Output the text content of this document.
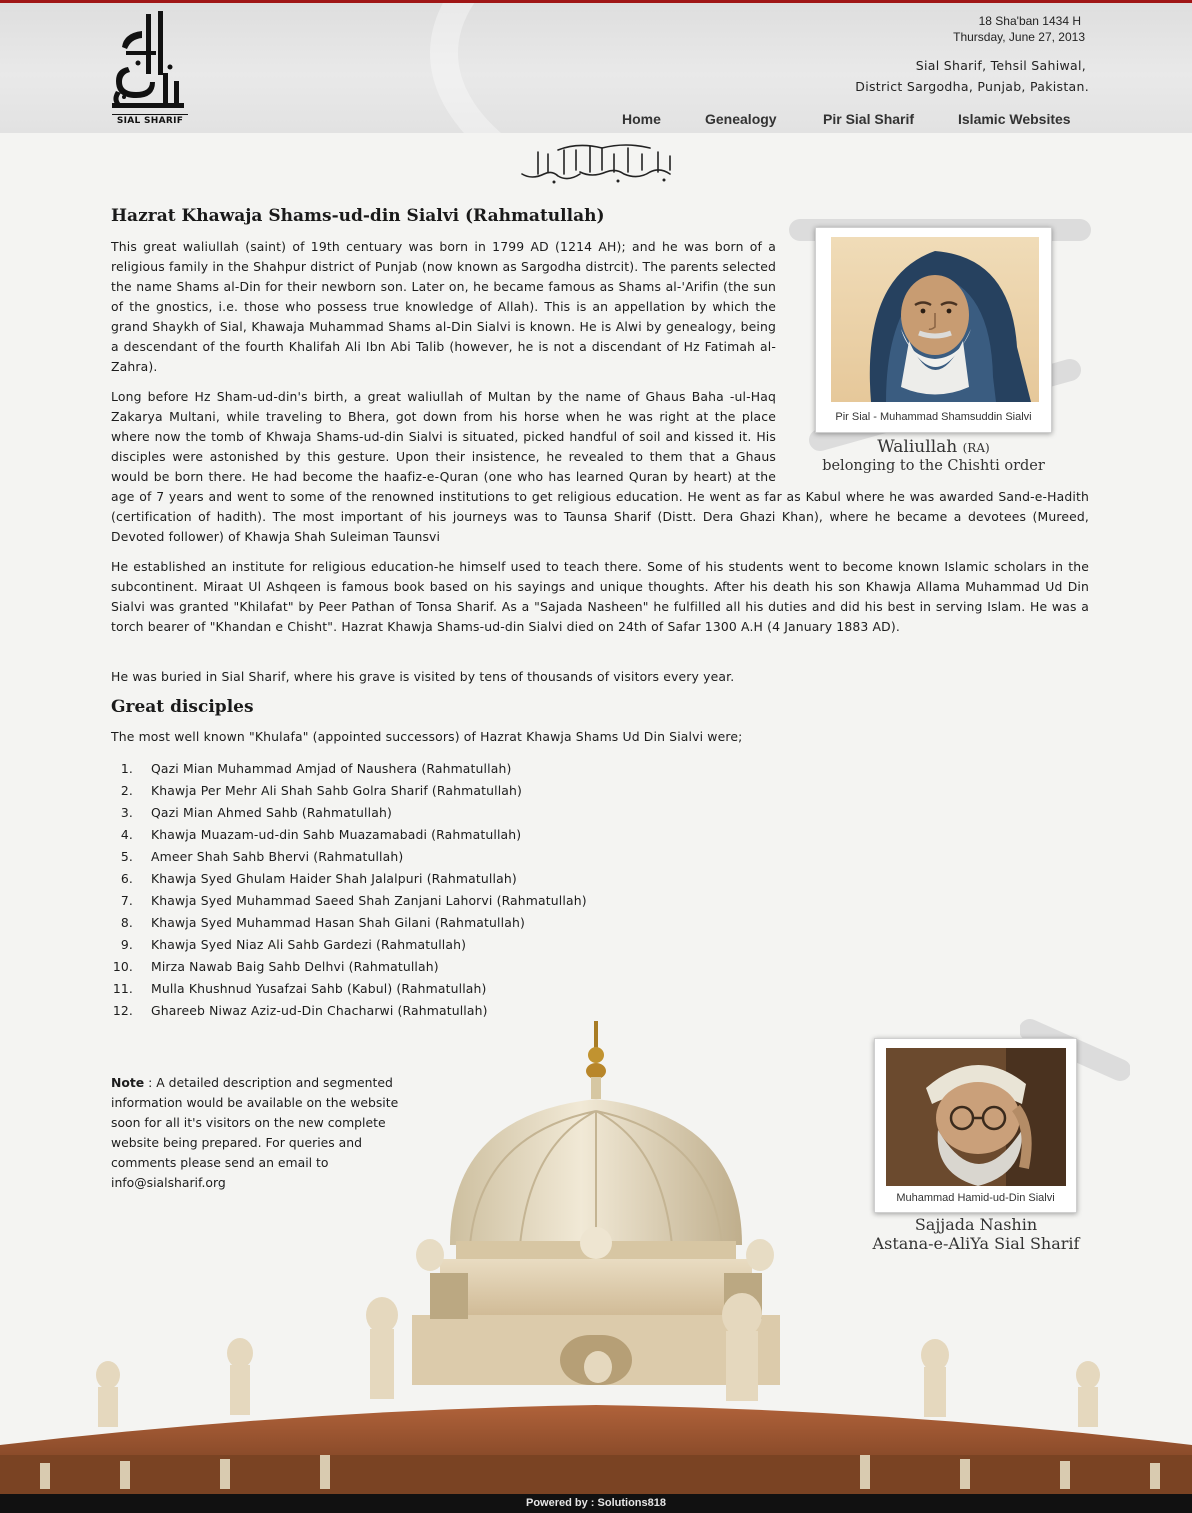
SIAL SHARIF
18 Sha'ban 1434 H
Thursday, June 27, 2013
Sial Sharif, Tehsil Sahiwal,
District Sargodha, Punjab, Pakistan.
Home	Genealogy	Pir Sial Sharif	Islamic Websites
Hazrat Khawaja Shams-ud-din Sialvi (Rahmatullah)

This great waliullah (saint) of 19th centuary was born in 1799 AD (1214 AH); and he was born of a religious family in the Shahpur district of Punjab (now known as Sargodha distrcit). The parents selected the name Shams al-Din for their newborn son. Later on, he became famous as Shams al-'Arifin (the sun of the gnostics, i.e. those who possess true knowledge of Allah). This is an appellation by which the grand Shaykh of Sial, Khawaja Muhammad Shams al-Din Sialvi is known. He is Alwi by genealogy, being a descendant of the fourth Khalifah Ali Ibn Abi Talib (however, he is not a discendant of Hz Fatimah al-Zahra).

Long before Hz Sham-ud-din's birth, a great waliullah of Multan by the name of Ghaus Baha -ul-Haq Zakarya Multani, while traveling to Bhera, got down from his horse when he was right at the place where now the tomb of Khwaja Shams-ud-din Sialvi is situated, picked handful of soil and kissed it. His disciples were astonished by this gesture. Upon their insistence, he revealed to them that a Ghaus would be born there. He had become the haafiz-e-Quran (one who has learned Quran by heart) at the age of 7 years and went to some of the renowned institutions to get religious education. He went as far as Kabul where he was awarded Sand-e-Hadith (certification of hadith). The most important of his journeys was to Taunsa Sharif (Distt. Dera Ghazi Khan), where he became a devotees (Mureed, Devoted follower) of Khawja Shah Suleiman Taunsvi

He established an institute for religious education-he himself used to teach there. Some of his students went to become known Islamic scholars in the subcontinent. Miraat Ul Ashqeen is famous book based on his sayings and unique thoughts. After his death his son Khawja Allama Muhammad Ud Din Sialvi was granted "Khilafat" by Peer Pathan of Tonsa Sharif. As a "Sajada Nasheen" he fulfilled all his duties and did his best in serving Islam. He was a torch bearer of "Khandan e Chisht". Hazrat Khawja Shams-ud-din Sialvi died on 24th of Safar 1300 A.H (4 January 1883 AD).

He was buried in Sial Sharif, where his grave is visited by tens of thousands of visitors every year.

Pir Sial - Muhammad Shamsuddin Sialvi
Waliullah (RA)
belonging to the Chishti order
Great disciples

The most well known "Khulafa" (appointed successors) of Hazrat Khawja Shams Ud Din Sialvi were;

1. Qazi Mian Muhammad Amjad of Naushera (Rahmatullah)
2. Khawja Per Mehr Ali Shah Sahb Golra Sharif (Rahmatullah)
3. Qazi Mian Ahmed Sahb (Rahmatullah)
4. Khawja Muazam-ud-din Sahb Muazamabadi (Rahmatullah)
5. Ameer Shah Sahb Bhervi (Rahmatullah)
6. Khawja Syed Ghulam Haider Shah Jalalpuri (Rahmatullah)
7. Khawja Syed Muhammad Saeed Shah Zanjani Lahorvi (Rahmatullah)
8. Khawja Syed Muhammad Hasan Shah Gilani (Rahmatullah)
9. Khawja Syed Niaz Ali Sahb Gardezi (Rahmatullah)
10. Mirza Nawab Baig Sahb Delhvi (Rahmatullah)
11. Mulla Khushnud Yusafzai Sahb (Kabul) (Rahmatullah)
12. Ghareeb Niwaz Aziz-ud-Din Chacharwi (Rahmatullah)
Note : A detailed description and segmented information would be available on the website soon for all it's visitors on the new complete website being prepared. For queries and comments please send an email to info@sialsharif.org
Muhammad Hamid-ud-Din Sialvi
Sajjada Nashin
Astana-e-AliYa Sial Sharif
Powered by : Solutions818
